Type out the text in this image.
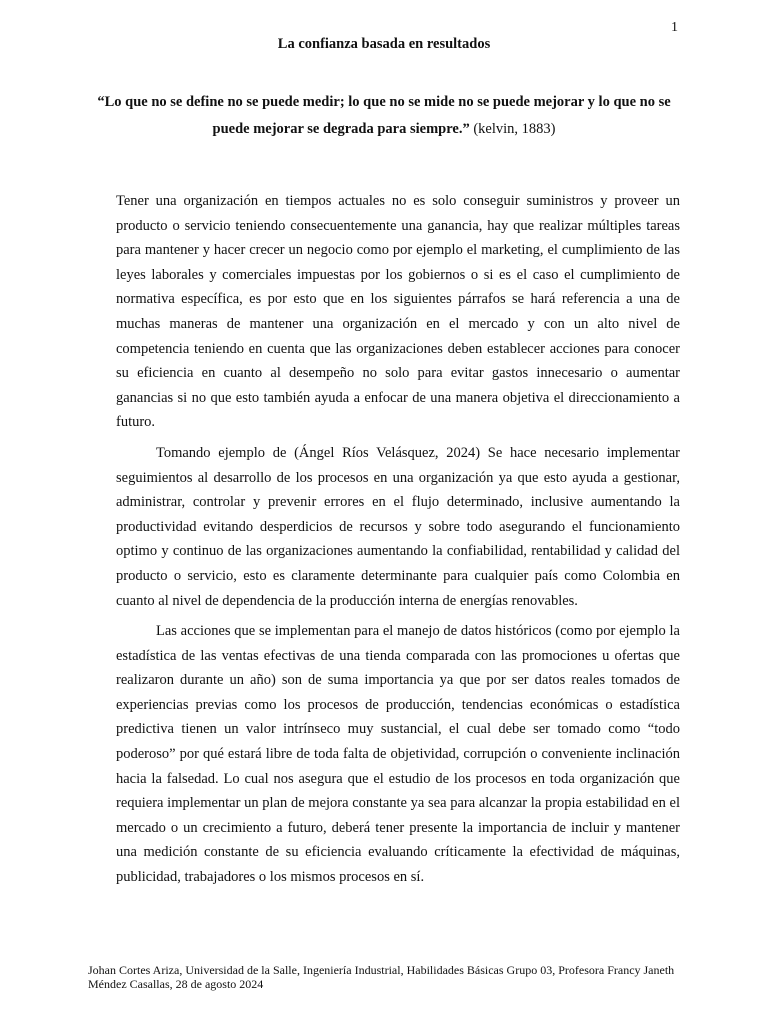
1
La confianza basada en resultados

“Lo que no se define no se puede medir; lo que no se mide no se puede mejorar y lo que no se puede mejorar se degrada para siempre.” (kelvin, 1883)

Tener una organización en tiempos actuales no es solo conseguir suministros y proveer un producto o servicio teniendo consecuentemente una ganancia, hay que realizar múltiples tareas para mantener y hacer crecer un negocio como por ejemplo el marketing, el cumplimiento de las leyes laborales y comerciales impuestas por los gobiernos o si es el caso el cumplimiento de normativa específica, es por esto que en los siguientes párrafos se hará referencia a una de muchas maneras de mantener una organización en el mercado y con un alto nivel de competencia teniendo en cuenta que las organizaciones deben establecer acciones para conocer su eficiencia en cuanto al desempeño no solo para evitar gastos innecesario o aumentar ganancias si no que esto también ayuda a enfocar de una manera objetiva el direccionamiento a futuro.

Tomando ejemplo de (Ángel Ríos Velásquez, 2024) Se hace necesario implementar seguimientos al desarrollo de los procesos en una organización ya que esto ayuda a gestionar, administrar, controlar y prevenir errores en el flujo determinado, inclusive aumentando la productividad evitando desperdicios de recursos y sobre todo asegurando el funcionamiento optimo y continuo de las organizaciones aumentando la confiabilidad, rentabilidad y calidad del producto o servicio, esto es claramente determinante para cualquier país como Colombia en cuanto al nivel de dependencia de la producción interna de energías renovables.

Las acciones que se implementan para el manejo de datos históricos (como por ejemplo la estadística de las ventas efectivas de una tienda comparada con las promociones u ofertas que realizaron durante un año) son de suma importancia ya que por ser datos reales tomados de experiencias previas como los procesos de producción, tendencias económicas o estadística predictiva tienen un valor intrínseco muy sustancial, el cual debe ser tomado como “todo poderoso” por qué estará libre de toda falta de objetividad, corrupción o conveniente inclinación hacia la falsedad. Lo cual nos asegura que el estudio de los procesos en toda organización que requiera implementar un plan de mejora constante ya sea para alcanzar la propia estabilidad en el mercado o un crecimiento a futuro, deberá tener presente la importancia de incluir y mantener una medición constante de su eficiencia evaluando críticamente la efectividad de máquinas, publicidad, trabajadores o los mismos procesos en sí.

Johan Cortes Ariza, Universidad de la Salle, Ingeniería Industrial, Habilidades Básicas Grupo 03, Profesora Francy Janeth Méndez Casallas, 28 de agosto 2024
